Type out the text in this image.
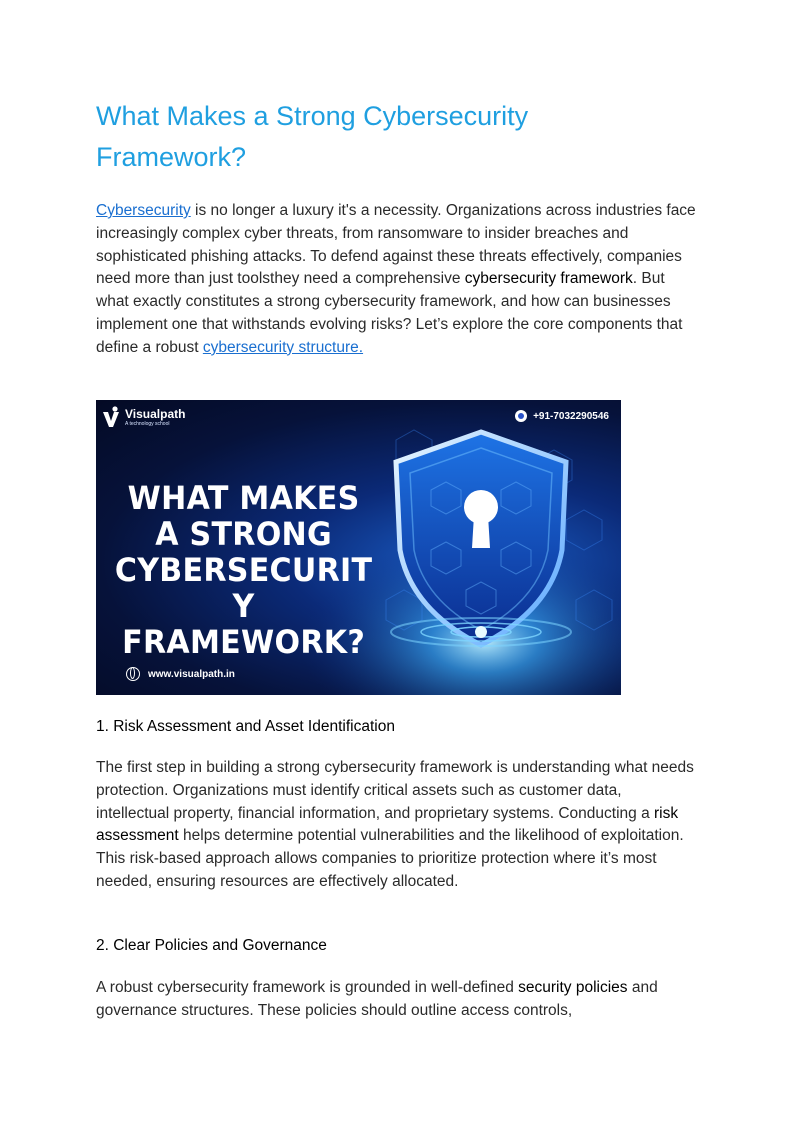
What Makes a Strong Cybersecurity Framework?

Cybersecurity is no longer a luxury it's a necessity. Organizations across industries face increasingly complex cyber threats, from ransomware to insider breaches and sophisticated phishing attacks. To defend against these threats effectively, companies need more than just toolsthey need a comprehensive cybersecurity framework. But what exactly constitutes a strong cybersecurity framework, and how can businesses implement one that withstands evolving risks? Let’s explore the core components that define a robust cybersecurity structure.

Visualpath
A technology school
+91-7032290546

WHAT MAKES A STRONG CYBERSECURIT Y FRAMEWORK?

www.visualpath.in
1. Risk Assessment and Asset Identification

The first step in building a strong cybersecurity framework is understanding what needs protection. Organizations must identify critical assets such as customer data, intellectual property, financial information, and proprietary systems. Conducting a risk assessment helps determine potential vulnerabilities and the likelihood of exploitation. This risk-based approach allows companies to prioritize protection where it’s most needed, ensuring resources are effectively allocated.

2. Clear Policies and Governance

A robust cybersecurity framework is grounded in well-defined security policies and governance structures. These policies should outline access controls,
